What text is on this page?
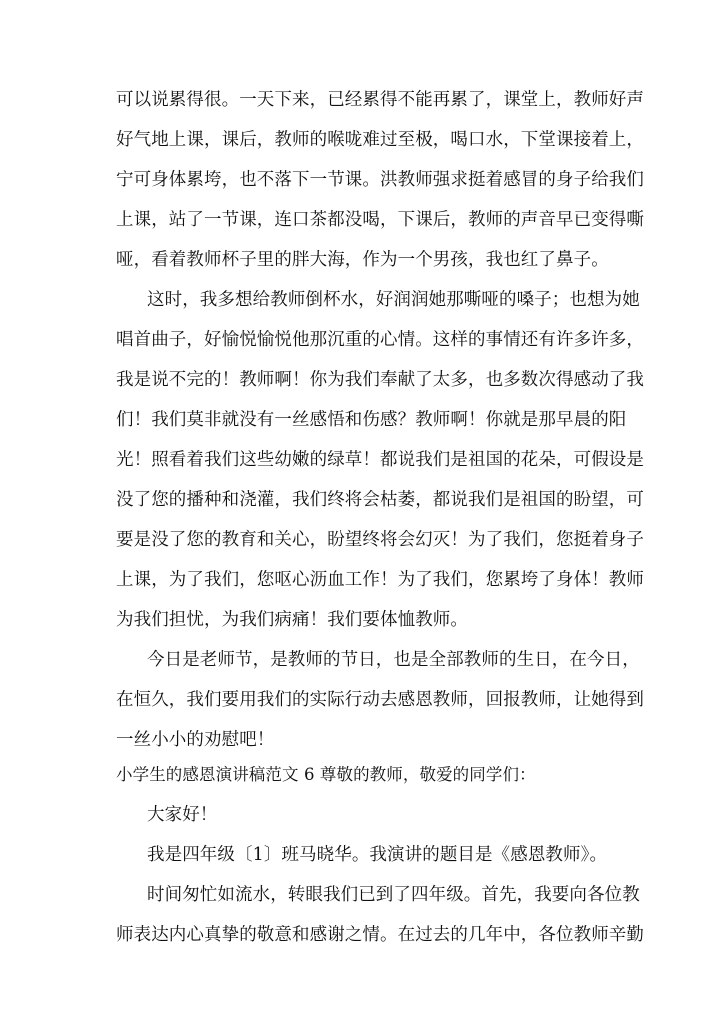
可以说累得很。一天下来，已经累得不能再累了，课堂上，教师好声
好气地上课，课后，教师的喉咙难过至极，喝口水，下堂课接着上，
宁可身体累垮，也不落下一节课。洪教师强求挺着感冒的身子给我们
上课，站了一节课，连口茶都没喝，下课后，教师的声音早已变得嘶
哑，看着教师杯子里的胖大海，作为一个男孩，我也红了鼻子。
这时，我多想给教师倒杯水，好润润她那嘶哑的嗓子；也想为她
唱首曲子，好愉悦愉悦他那沉重的心情。这样的事情还有许多许多，
我是说不完的！教师啊！你为我们奉献了太多，也多数次得感动了我
们！我们莫非就没有一丝感悟和伤感？教师啊！你就是那早晨的阳
光！照看着我们这些幼嫩的绿草！都说我们是祖国的花朵，可假设是
没了您的播种和浇灌，我们终将会枯萎，都说我们是祖国的盼望，可
要是没了您的教育和关心，盼望终将会幻灭！为了我们，您挺着身子
上课，为了我们，您呕心沥血工作！为了我们，您累垮了身体！教师
为我们担忧，为我们病痛！我们要体恤教师。
今日是老师节，是教师的节日，也是全部教师的生日，在今日，
在恒久，我们要用我们的实际行动去感恩教师，回报教师，让她得到
一丝小小的劝慰吧！
小学生的感恩演讲稿范文 6 尊敬的教师，敬爱的同学们：
大家好！
我是四年级〔1〕班马晓华。我演讲的题目是《感恩教师》。
时间匆忙如流水，转眼我们已到了四年级。首先，我要向各位教
师表达内心真挚的敬意和感谢之情。在过去的几年中，各位教师辛勤
